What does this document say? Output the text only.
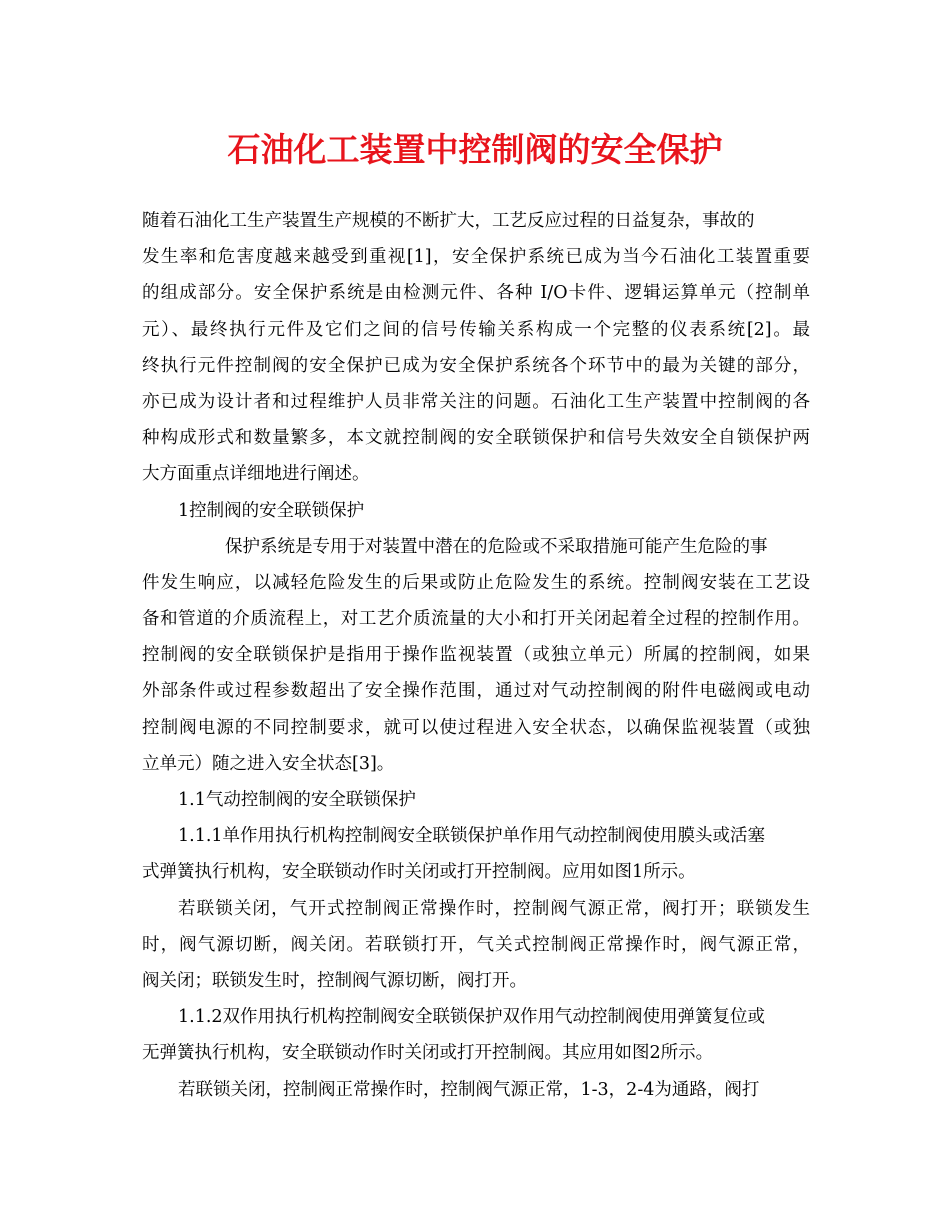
石油化工装置中控制阀的安全保护
随着石油化工生产装置生产规模的不断扩大，工艺反应过程的日益复杂，事故的
发生率和危害度越来越受到重视[1]，安全保护系统已成为当今石油化工装置重要
的组成部分。安全保护系统是由检测元件、各种 I/O卡件、逻辑运算单元（控制单
元）、最终执行元件及它们之间的信号传输关系构成一个完整的仪表系统[2]。最
终执行元件控制阀的安全保护已成为安全保护系统各个环节中的最为关键的部分，
亦已成为设计者和过程维护人员非常关注的问题。石油化工生产装置中控制阀的各
种构成形式和数量繁多，本文就控制阀的安全联锁保护和信号失效安全自锁保护两
大方面重点详细地进行阐述。
1控制阀的安全联锁保护
保护系统是专用于对装置中潜在的危险或不采取措施可能产生危险的事
件发生响应，以减轻危险发生的后果或防止危险发生的系统。控制阀安装在工艺设
备和管道的介质流程上，对工艺介质流量的大小和打开关闭起着全过程的控制作用。
控制阀的安全联锁保护是指用于操作监视装置（或独立单元）所属的控制阀，如果
外部条件或过程参数超出了安全操作范围，通过对气动控制阀的附件电磁阀或电动
控制阀电源的不同控制要求，就可以使过程进入安全状态，以确保监视装置（或独
立单元）随之进入安全状态[3]。
1.1气动控制阀的安全联锁保护
1.1.1单作用执行机构控制阀安全联锁保护单作用气动控制阀使用膜头或活塞
式弹簧执行机构，安全联锁动作时关闭或打开控制阀。应用如图1所示。
若联锁关闭，气开式控制阀正常操作时，控制阀气源正常，阀打开；联锁发生
时，阀气源切断，阀关闭。若联锁打开，气关式控制阀正常操作时，阀气源正常，
阀关闭；联锁发生时，控制阀气源切断，阀打开。
1.1.2双作用执行机构控制阀安全联锁保护双作用气动控制阀使用弹簧复位或
无弹簧执行机构，安全联锁动作时关闭或打开控制阀。其应用如图2所示。
若联锁关闭，控制阀正常操作时，控制阀气源正常，1-3，2-4为通路，阀打
